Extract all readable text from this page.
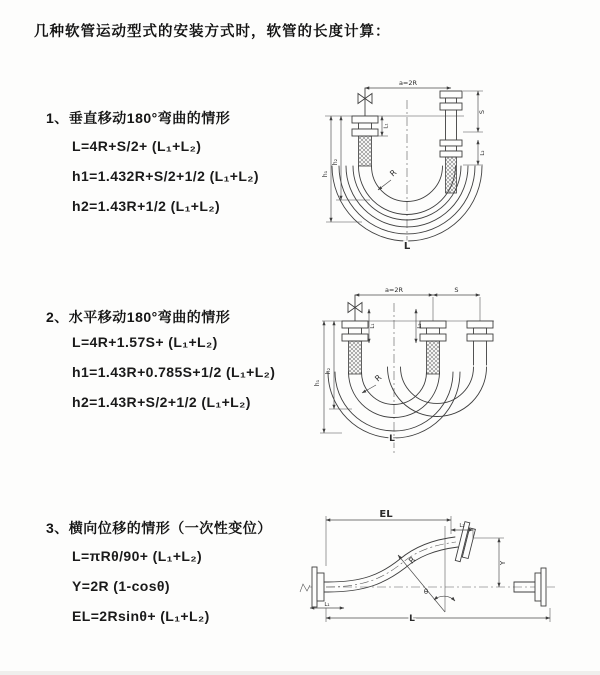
几种软管运动型式的安装方式时，软管的长度计算：
1、垂直移动180°弯曲的情形
L=4R+S/2+ (L₁+L₂)
h1=1.432R+S/2+1/2 (L₁+L₂)
h2=1.43R+1/2 (L₁+L₂)
2、水平移动180°弯曲的情形
L=4R+1.57S+ (L₁+L₂)
h1=1.43R+0.785S+1/2 (L₁+L₂)
h2=1.43R+S/2+1/2 (L₁+L₂)
3、横向位移的情形（一次性变位）
L=πRθ/90+ (L₁+L₂)
Y=2R (1-cosθ)
EL=2Rsinθ+ (L₁+L₂)
a=2R
h₁
h₂
S
L₂
L₁
R
L
a=2R	S
h₁
h₂
L₁	L₂
R
L
θ
R
EL
L₂
Y
L
L₁
